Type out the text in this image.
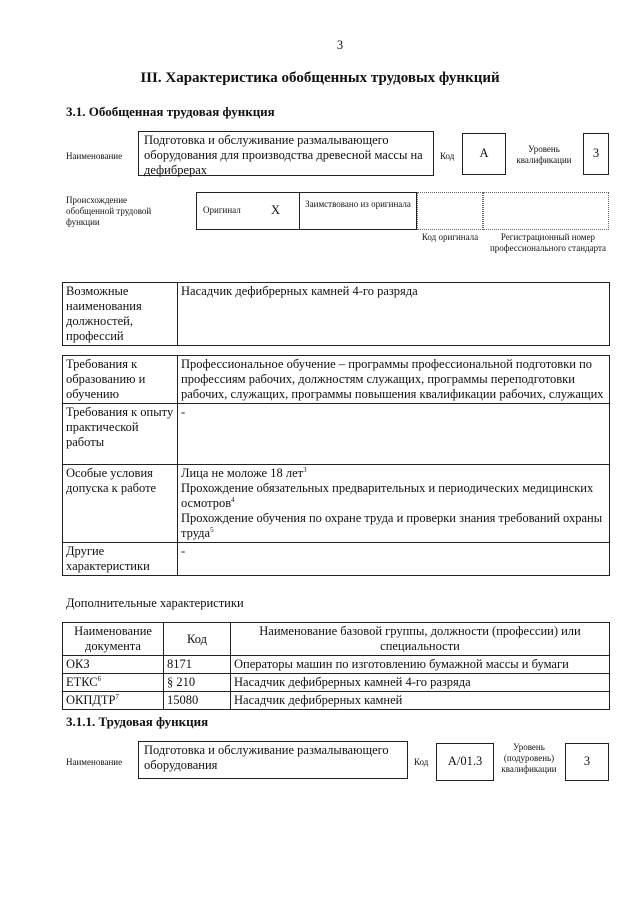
3
III. Характеристика обобщенных трудовых функций
3.1. Обобщенная трудовая функция
Наименование
Подготовка и обслуживание размалывающего оборудования для производства древесной массы на дефибрерах
Код	A	Уровень квалификации	3
Происхождение обобщенной трудовой функции
Оригинал X	Заимствовано из оригинала
Код оригинала	Регистрационный номер профессионального стандарта
Возможные наименования должностей, профессий	Насадчик дефибрерных камней 4-го разряда
Требования к образованию и обучению	Профессиональное обучение – программы профессиональной подготовки по профессиям рабочих, должностям служащих, программы переподготовки рабочих, служащих, программы повышения квалификации рабочих, служащих
Требования к опыту практической работы	-
Особые условия допуска к работе	Лица не моложе 18 лет$^3$
Прохождение обязательных предварительных и периодических медицинских осмотров$^4$
Прохождение обучения по охране труда и проверки знания требований охраны труда$^5$

Другие характеристики	-
Дополнительные характеристики
Наименование документа	Код	Наименование базовой группы, должности (профессии) или специальности
ОКЗ	8171	Операторы машин по изготовлению бумажной массы и бумаги
ЕТКС$^6$	§ 210	Насадчик дефибрерных камней 4-го разряда
ОКПДТР$^7$	15080	Насадчик дефибрерных камней
3.1.1. Трудовая функция
Наименование
Подготовка и обслуживание размалывающего оборудования	Код	A/01.3
Уровень (подуровень) квалификации
3
